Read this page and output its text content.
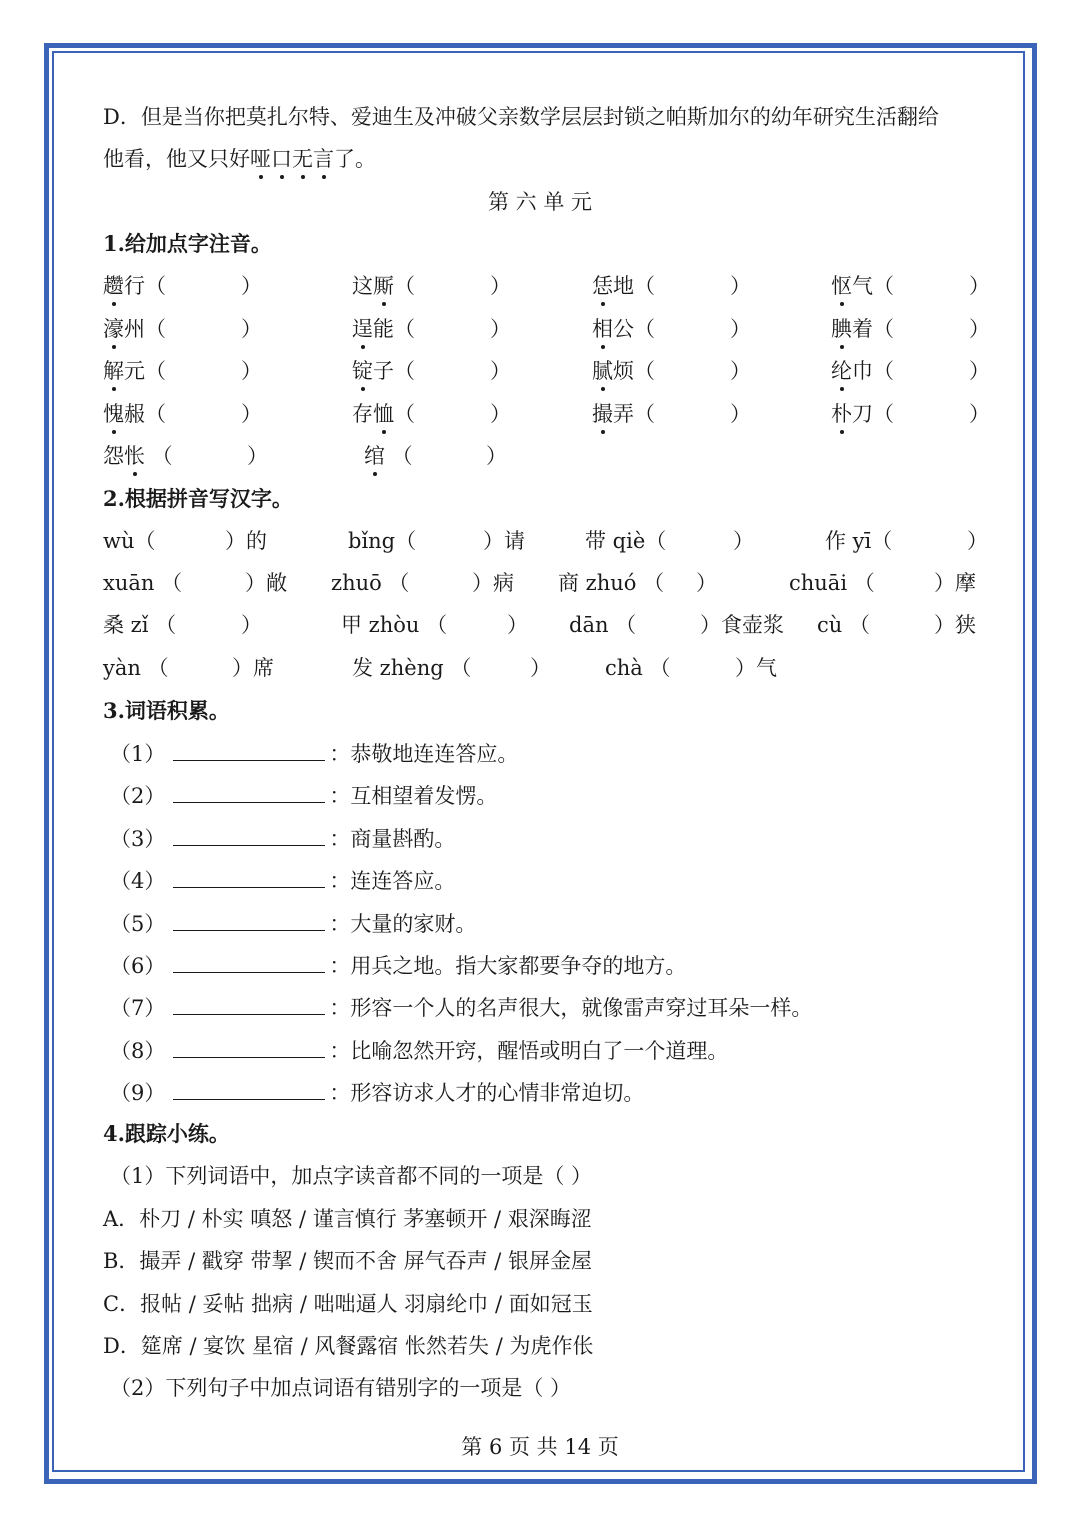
D．但是当你把莫扎尔特、爱迪生及冲破父亲数学层层封锁之帕斯加尔的幼年研究生活翻给
他看，他又只好哑口无言了。
第 六 单 元
1.给加点字注音。
趱行（	）	这厮（	）	恁地（	）	怄气（	）
濠州（	）	逞能（	）	相公（	）	腆着（	）
解元（	）	锭子（	）	腻烦（	）	纶巾（	）
愧赧（	）	存恤（	）	撮弄（	）	朴刀（	）
怨怅 （	）	绾 （	）
2.根据拼音写汉字。
wù（	）的	bǐng（	）请	带 qiè（	）	作 yī（	）
xuān （	）敞 zhuō （	）病 商 zhuó （ ）	chuāi （	）摩
桑 zǐ （	）	甲 zhòu （	） dān （	）食壶浆 cù （	）狭
yàn （	）席	发 zhèng （	）	chà （	）气
3.词语积累。
（1）	：恭敬地连连答应。
（2）	：互相望着发愣。
（3）	：商量斟酌。
（4）	：连连答应。
（5）	：大量的家财。
（6）	：用兵之地。指大家都要争夺的地方。
（7）	：形容一个人的名声很大，就像雷声穿过耳朵一样。
（8）	：比喻忽然开窍，醒悟或明白了一个道理。
（9）	：形容访求人才的心情非常迫切。
4.跟踪小练。
（1）下列词语中，加点字读音都不同的一项是（ ）
A．朴刀 / 朴实 嗔怒 / 谨言慎行 茅塞顿开 / 艰深晦涩
B．撮弄 / 戳穿 带挈 / 锲而不舍 屏气吞声 / 银屏金屋
C．报帖 / 妥帖 拙病 / 咄咄逼人 羽扇纶巾 / 面如冠玉
D．筵席 / 宴饮 星宿 / 风餐露宿 怅然若失 / 为虎作伥
（2）下列句子中加点词语有错别字的一项是（ ）
第 6 页 共 14 页
